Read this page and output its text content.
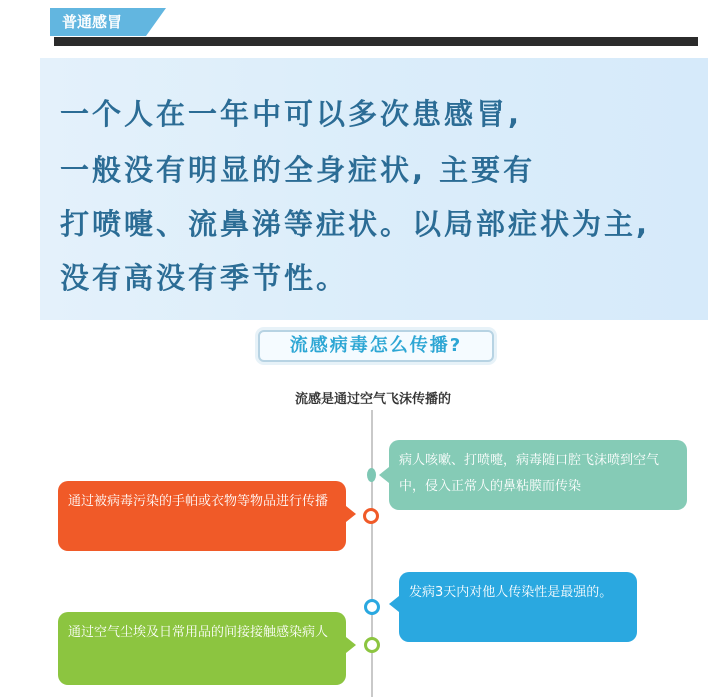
普通感冒
一个人在一年中可以多次患感冒,
一般没有明显的全身症状, 主要有
打喷嚏、流鼻涕等症状。以局部症状为主,
没有高没有季节性。
流感病毒怎么传播?
流感是通过空气飞沫传播的
病人咳嗽、打喷嚏，病毒随口腔飞沫喷到空气中，侵入正常人的鼻粘膜而传染
通过被病毒污染的手帕或衣物等物品进行传播
发病3天内对他人传染性是最强的。
通过空气尘埃及日常用品的间接接触感染病人
